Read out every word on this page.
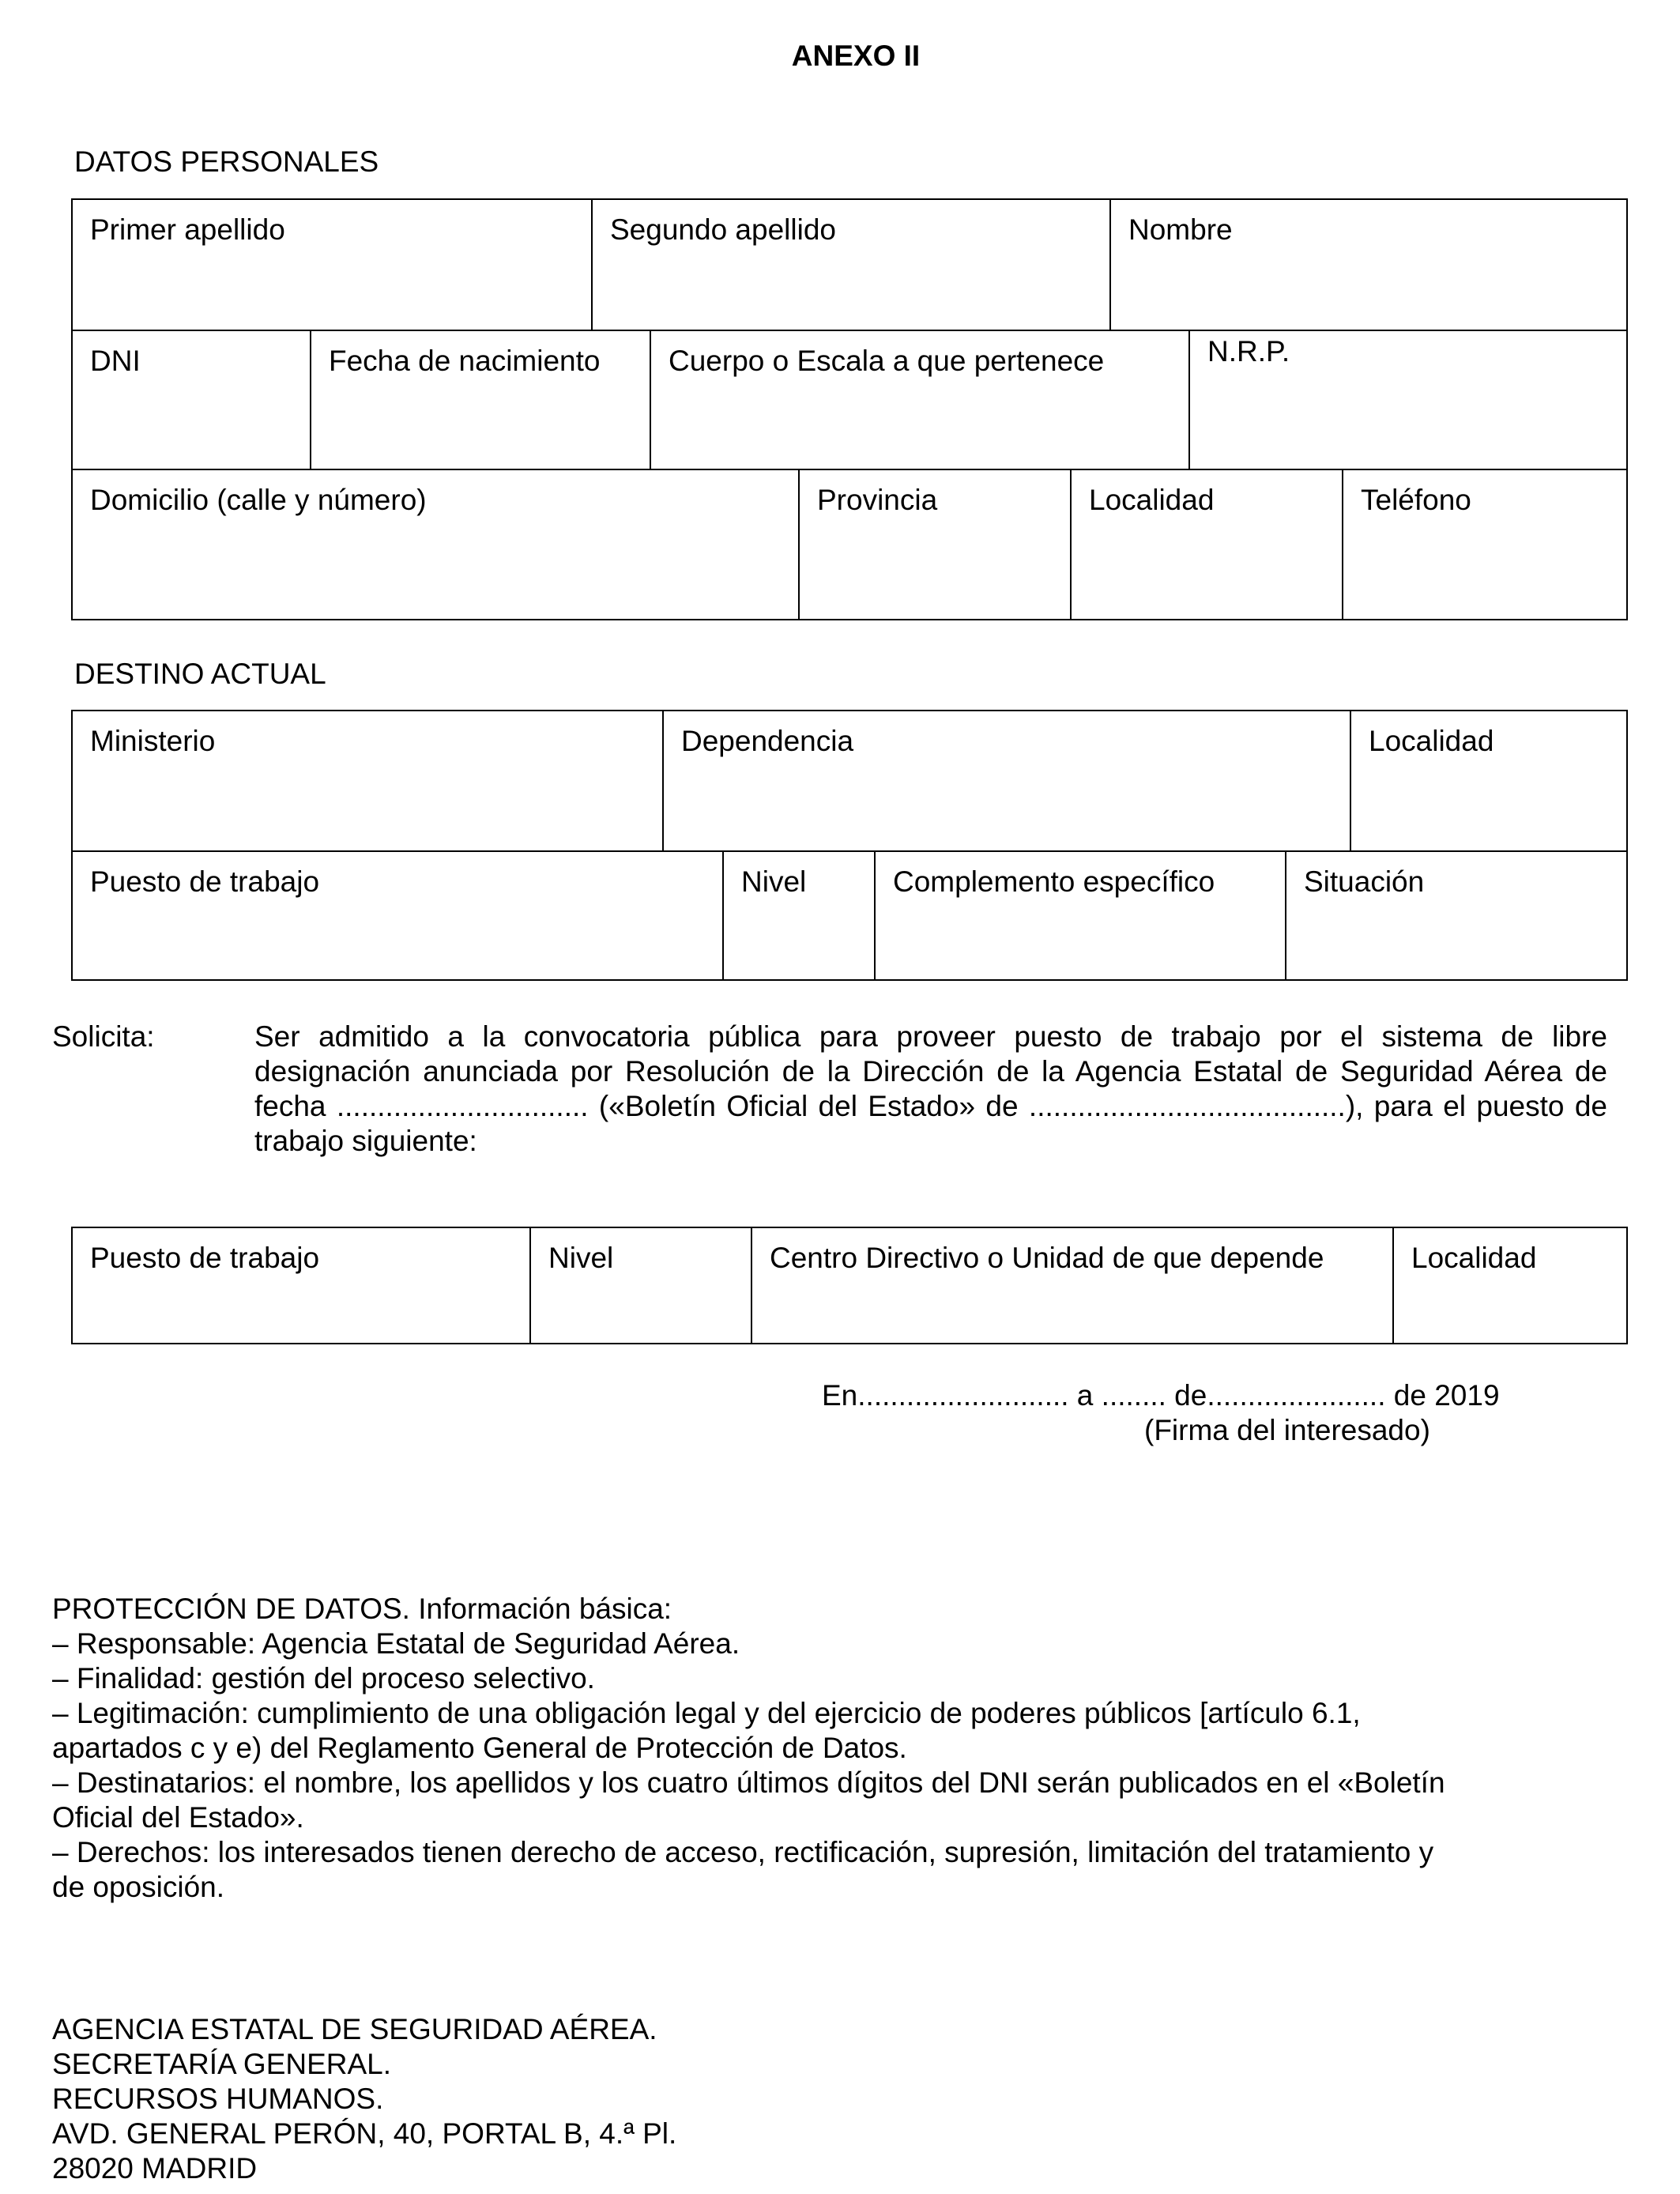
ANEXO II
DATOS PERSONALES
Primer apellido	Segundo apellido	Nombre
DNI	Fecha de nacimiento	Cuerpo o Escala a que pertenece	N.R.P.
Domicilio (calle y número)	Provincia	Localidad	Teléfono
DESTINO ACTUAL
Ministerio	Dependencia	Localidad
Puesto de trabajo	Nivel	Complemento específico	Situación
Solicita:	Ser admitido a la convocatoria pública para proveer puesto de trabajo por el sistema de libre designación anunciada por Resolución de la Dirección de la Agencia Estatal de Seguridad Aérea de fecha ............................... («Boletín Oficial del Estado» de .......................................), para el puesto de trabajo siguiente:
Puesto de trabajo	Nivel	Centro Directivo o Unidad de que depende	Localidad
En.......................... a ........ de...................... de 2019
(Firma del interesado)
PROTECCIÓN DE DATOS. Información básica:
– Responsable: Agencia Estatal de Seguridad Aérea.
– Finalidad: gestión del proceso selectivo.
– Legitimación: cumplimiento de una obligación legal y del ejercicio de poderes públicos [artículo 6.1,
apartados c y e) del Reglamento General de Protección de Datos.
– Destinatarios: el nombre, los apellidos y los cuatro últimos dígitos del DNI serán publicados en el «Boletín
Oficial del Estado».
– Derechos: los interesados tienen derecho de acceso, rectificación, supresión, limitación del tratamiento y
de oposición.
AGENCIA ESTATAL DE SEGURIDAD AÉREA.
SECRETARÍA GENERAL.
RECURSOS HUMANOS.
AVD. GENERAL PERÓN, 40, PORTAL B, 4.ª Pl.
28020 MADRID
